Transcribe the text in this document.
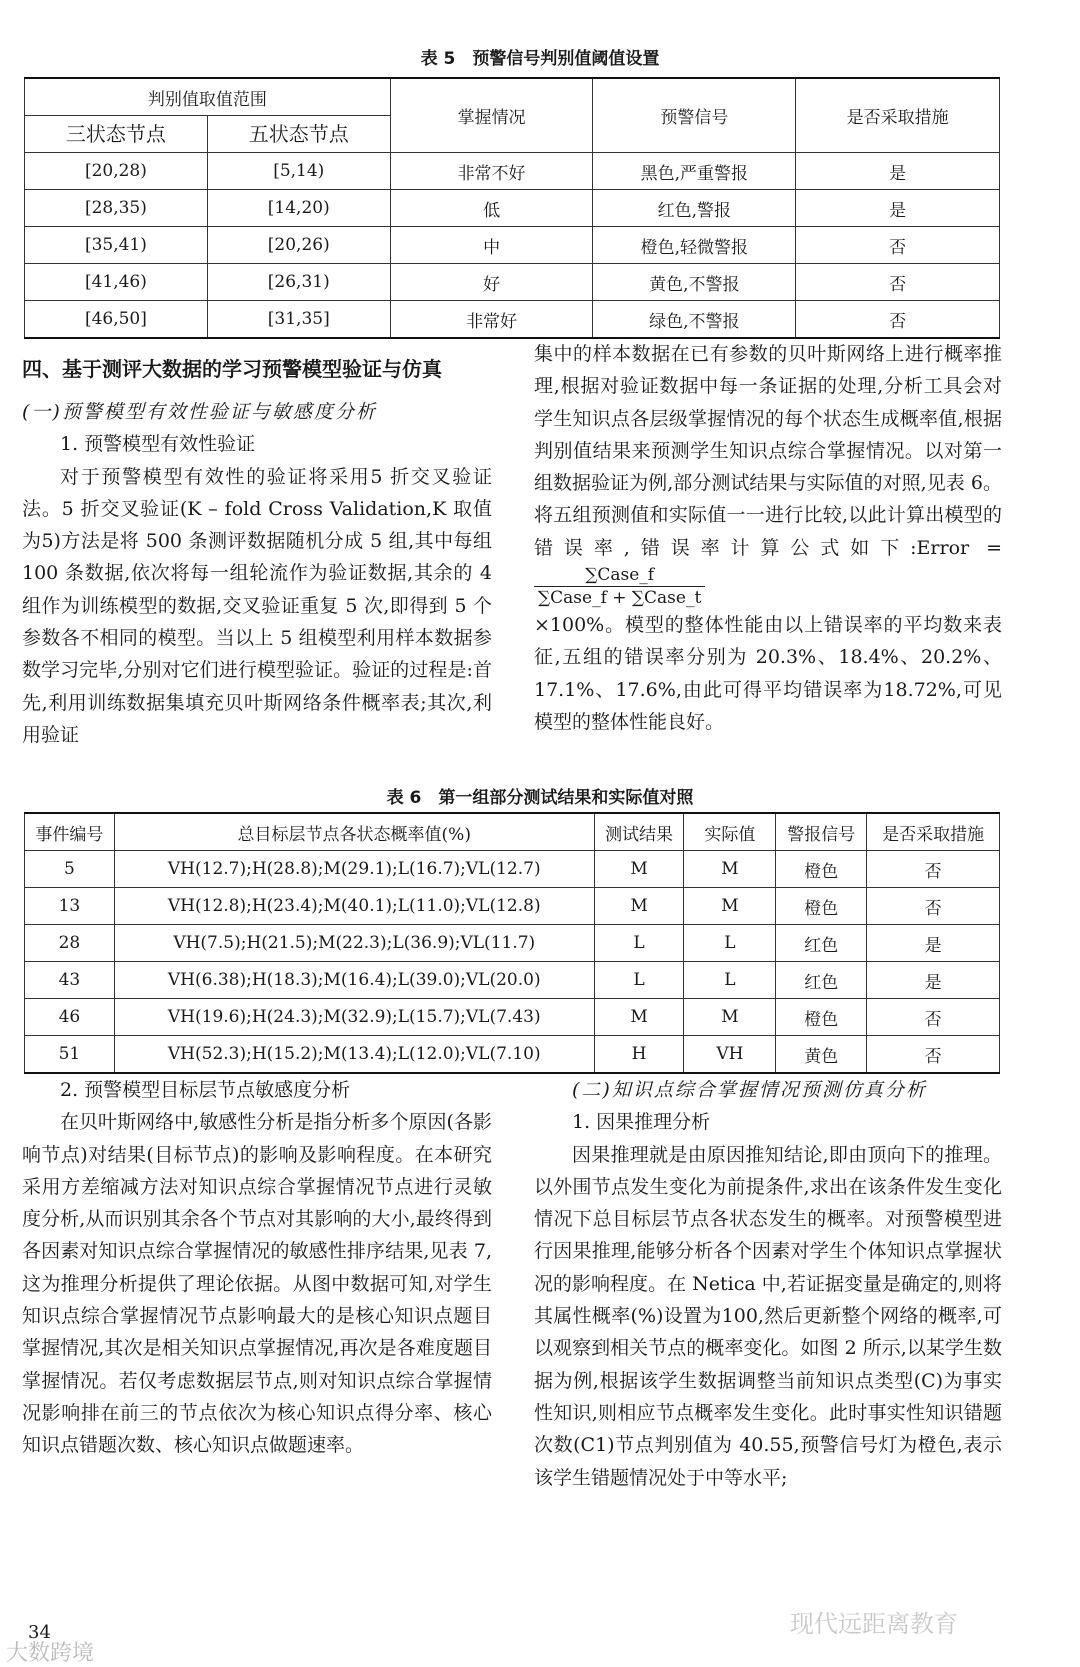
表 5　预警信号判别值阈值设置
判别值取值范围		掌握情况	预警信号	是否采取措施
三状态节点	五状态节点			
[20,28)	[5,14)	非常不好	黑色,严重警报	是
[28,35)	[14,20)	低	红色,警报	是
[35,41)	[20,26)	中	橙色,轻微警报	否
[41,46)	[26,31)	好	黄色,不警报	否
[46,50]	[31,35]	非常好	绿色,不警报	否

四、基于测评大数据的学习预警模型验证与仿真

(一)预警模型有效性验证与敏感度分析

1. 预警模型有效性验证

对于预警模型有效性的验证将采用5 折交叉验证法。5 折交叉验证(K – fold Cross Validation,K 取值为5)方法是将 500 条测评数据随机分成 5 组,其中每组 100 条数据,依次将每一组轮流作为验证数据,其余的 4 组作为训练模型的数据,交叉验证重复 5 次,即得到 5 个参数各不相同的模型。当以上 5 组模型利用样本数据参数学习完毕,分别对它们进行模型验证。验证的过程是:首先,利用训练数据集填充贝叶斯网络条件概率表;其次,利用验证

集中的样本数据在已有参数的贝叶斯网络上进行概率推理,根据对验证数据中每一条证据的处理,分析工具会对学生知识点各层级掌握情况的每个状态生成概率值,根据判别值结果来预测学生知识点综合掌握情况。以对第一组数据验证为例,部分测试结果与实际值的对照,见表 6。将五组预测值和实际值一一进行比较,以此计算出模型的错误率,错误率计算公式如下:Error =
$\frac{\text{∑Case\_f}}{\text{∑Case\_f + ∑Case\_t}}$

×100%。模型的整体性能由以上错误率的平均数来表征,五组的错误率分别为 20.3%、18.4%、20.2%、17.1%、17.6%,由此可得平均错误率为18.72%,可见模型的整体性能良好。

表 6　第一组部分测试结果和实际值对照
事件编号	总目标层节点各状态概率值(%)	测试结果	实际值	警报信号	是否采取措施
5	VH(12.7);H(28.8);M(29.1);L(16.7);VL(12.7)	M	M	橙色	否
13	VH(12.8);H(23.4);M(40.1);L(11.0);VL(12.8)	M	M	橙色	否
28	VH(7.5);H(21.5);M(22.3);L(36.9);VL(11.7)	L	L	红色	是
43	VH(6.38);H(18.3);M(16.4);L(39.0);VL(20.0)	L	L	红色	是
46	VH(19.6);H(24.3);M(32.9);L(15.7);VL(7.43)	M	M	橙色	否
51	VH(52.3);H(15.2);M(13.4);L(12.0);VL(7.10)	H	VH	黄色	否

2. 预警模型目标层节点敏感度分析

在贝叶斯网络中,敏感性分析是指分析多个原因(各影响节点)对结果(目标节点)的影响及影响程度。在本研究采用方差缩减方法对知识点综合掌握情况节点进行灵敏度分析,从而识别其余各个节点对其影响的大小,最终得到各因素对知识点综合掌握情况的敏感性排序结果,见表 7,这为推理分析提供了理论依据。从图中数据可知,对学生知识点综合掌握情况节点影响最大的是核心知识点题目掌握情况,其次是相关知识点掌握情况,再次是各难度题目掌握情况。若仅考虑数据层节点,则对知识点综合掌握情况影响排在前三的节点依次为核心知识点得分率、核心知识点错题次数、核心知识点做题速率。

(二)知识点综合掌握情况预测仿真分析

1. 因果推理分析

因果推理就是由原因推知结论,即由顶向下的推理。以外围节点发生变化为前提条件,求出在该条件发生变化情况下总目标层节点各状态发生的概率。对预警模型进行因果推理,能够分析各个因素对学生个体知识点掌握状况的影响程度。在 Netica 中,若证据变量是确定的,则将其属性概率(%)设置为100,然后更新整个网络的概率,可以观察到相关节点的概率变化。如图 2 所示,以某学生数据为例,根据该学生数据调整当前知识点类型(C)为事实性知识,则相应节点概率发生变化。此时事实性知识错题次数(C1)节点判别值为 40.55,预警信号灯为橙色,表示该学生错题情况处于中等水平;

34
大数跨境
现代远距离教育
